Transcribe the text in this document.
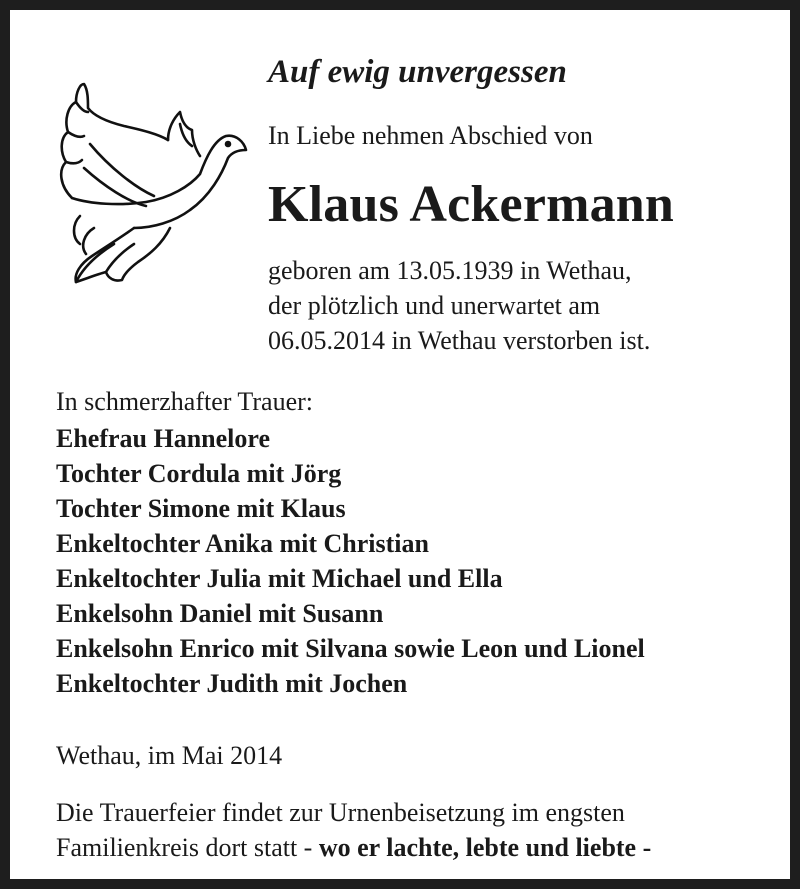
Auf ewig unvergessen
In Liebe nehmen Abschied von
Klaus Ackermann
geboren am 13.05.1939 in Wethau,
der plötzlich und unerwartet am
06.05.2014 in Wethau verstorben ist.
In schmerzhafter Trauer:
Ehefrau Hannelore
Tochter Cordula mit Jörg
Tochter Simone mit Klaus
Enkeltochter Anika mit Christian
Enkeltochter Julia mit Michael und Ella
Enkelsohn Daniel mit Susann
Enkelsohn Enrico mit Silvana sowie Leon und Lionel
Enkeltochter Judith mit Jochen
Wethau, im Mai 2014
Die Trauerfeier findet zur Urnenbeisetzung im engsten
Familienkreis dort statt - wo er lachte, lebte und liebte -
